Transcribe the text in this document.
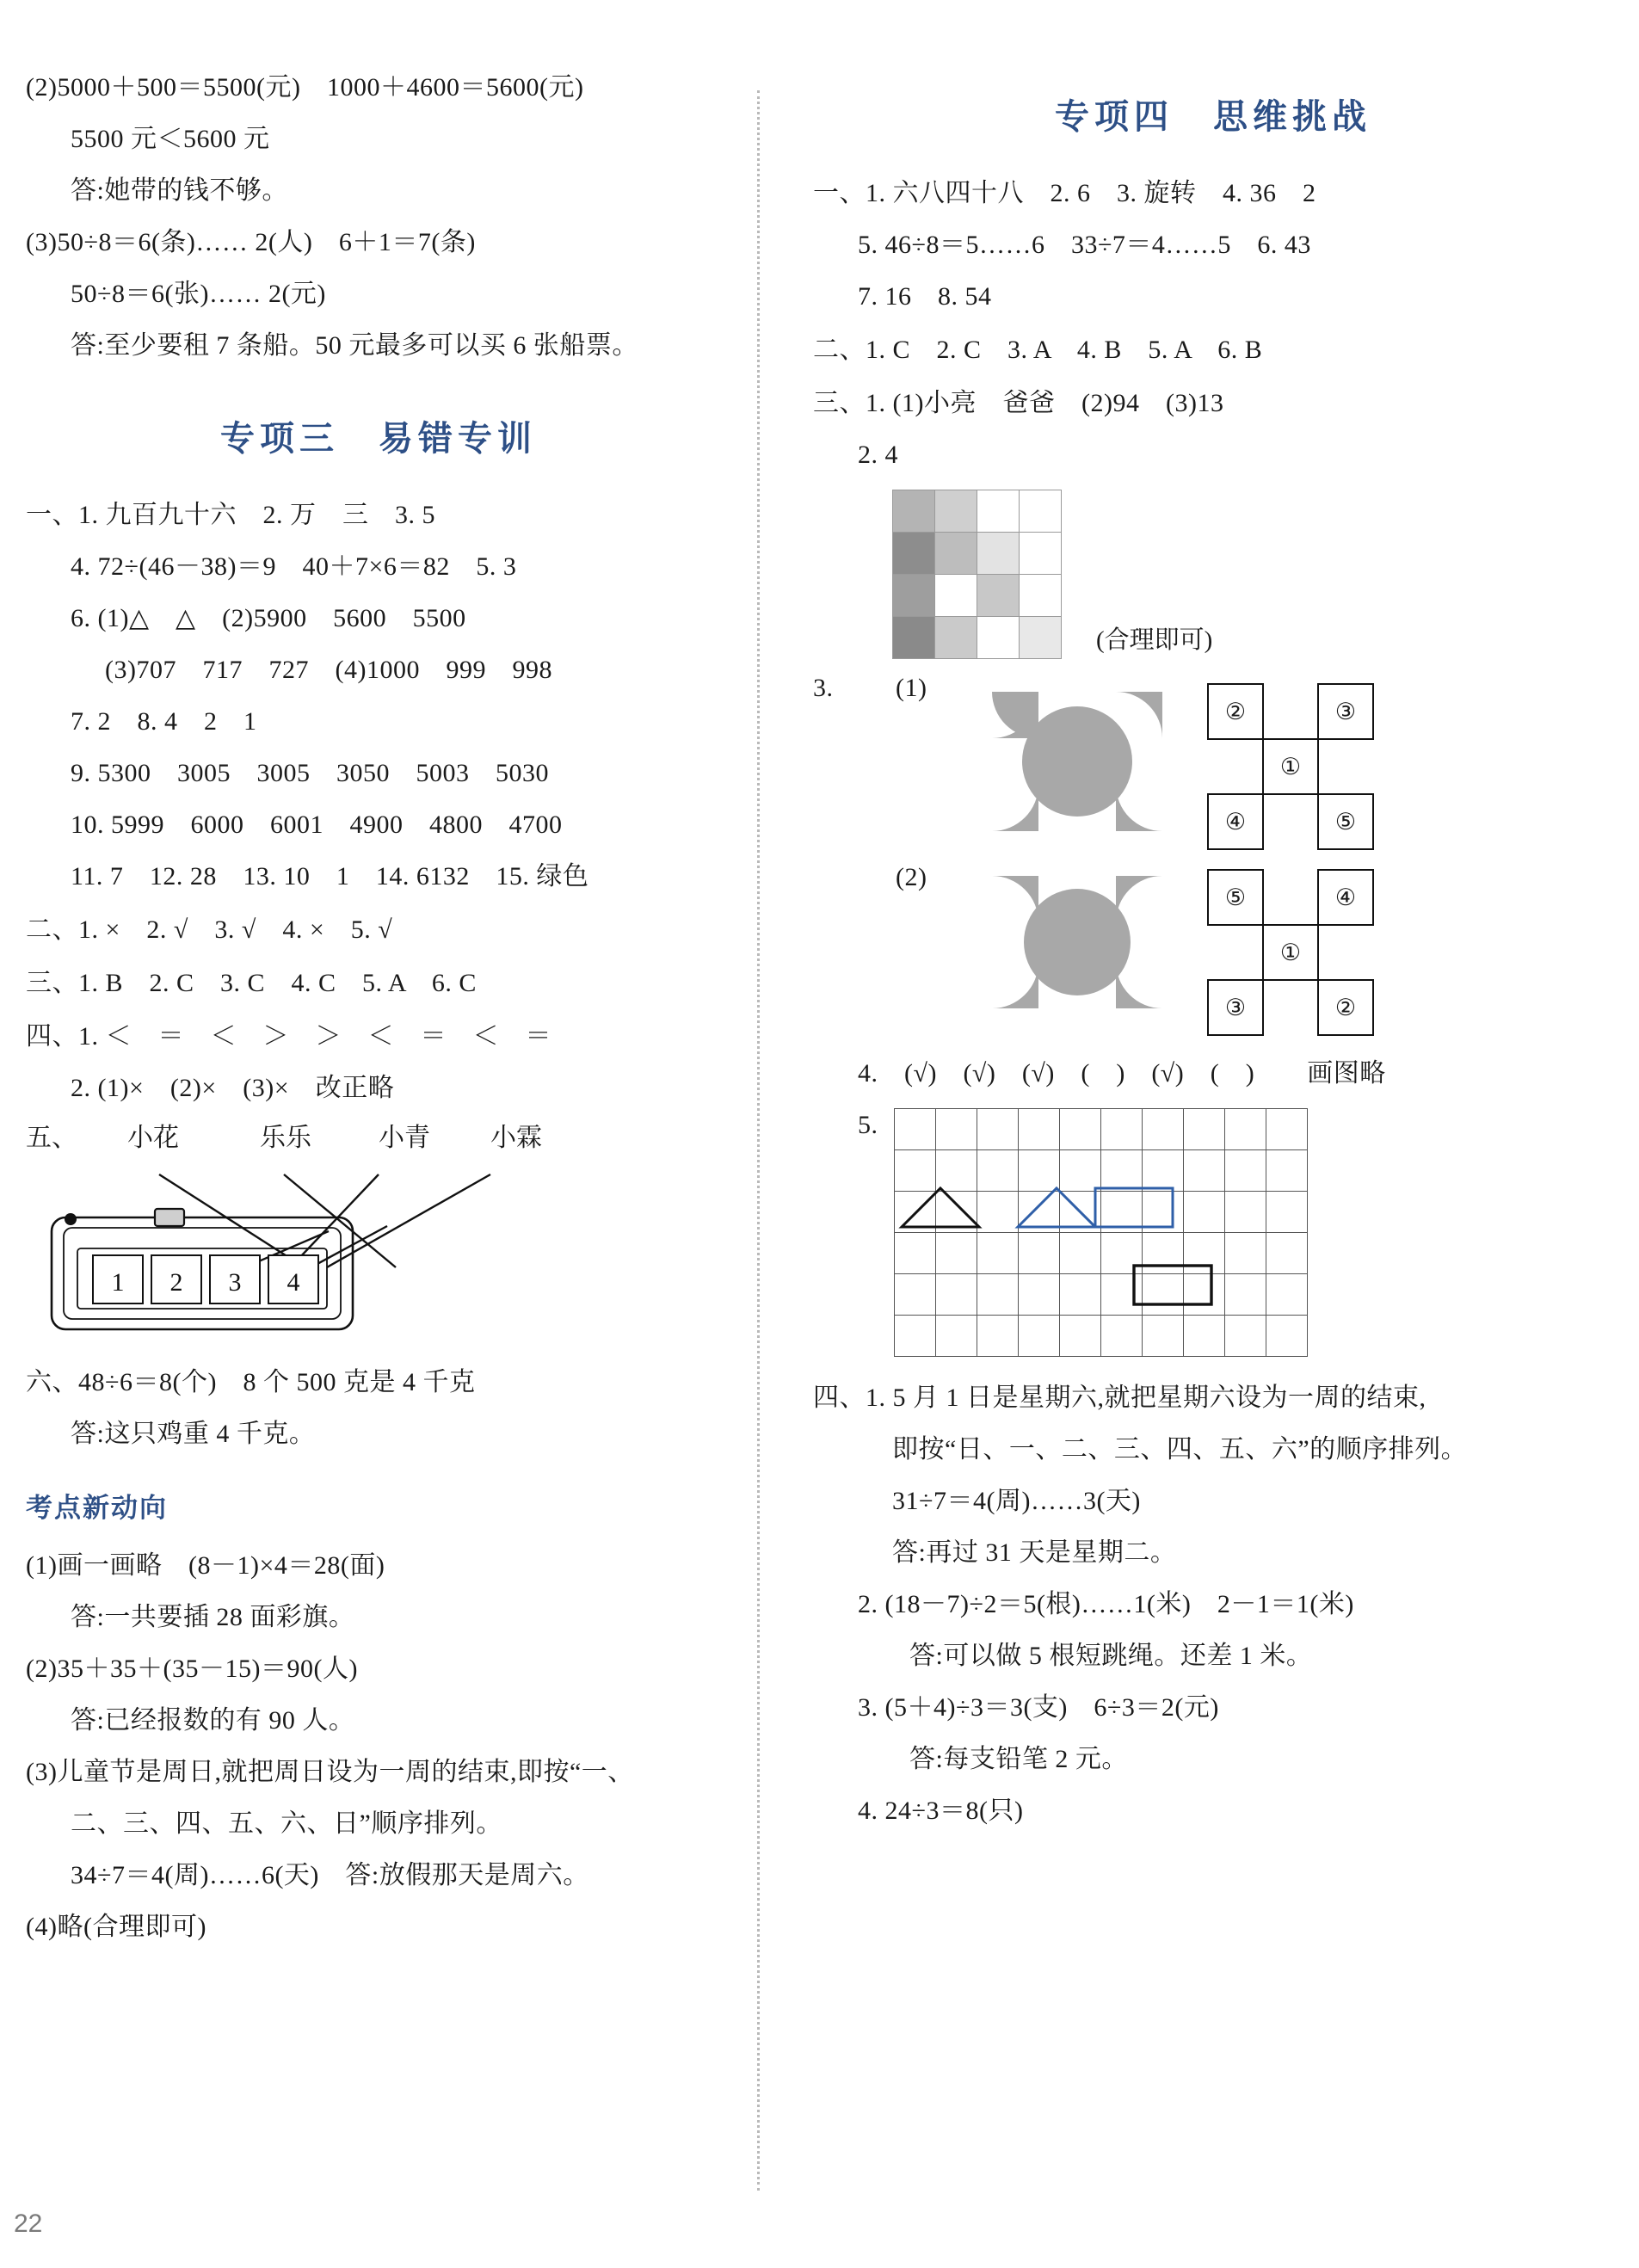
(2)5000＋500＝5500(元)　1000＋4600＝5600(元)
5500 元＜5600 元
答:她带的钱不够。
(3)50÷8＝6(条)…… 2(人)　6＋1＝7(条)
50÷8＝6(张)…… 2(元)
答:至少要租 7 条船。50 元最多可以买 6 张船票。
专项三　易错专训
一、1. 九百九十六　2. 万　三　3. 5
4. 72÷(46－38)＝9　40＋7×6＝82　5. 3
6. (1)△　△　(2)5900　5600　5500
(3)707　717　727　(4)1000　999　998
7. 2　8. 4　2　1
9. 5300　3005　3005　3050　5003　5030
10. 5999　6000　6001　4900　4800　4700
11. 7　12. 28　13. 10　1　14. 6132　15. 绿色
二、1. ×　2. √　3. √　4. ×　5. √
三、1. B　2. C　3. C　4. C　5. A　6. C
四、1. ＜　＝　＜　＞　＞　＜　＝　＜　＝
2. (1)×　(2)×　(3)×　改正略
五、 小花	乐乐	小青 小霖
1 2 3 4
六、48÷6＝8(个)　8 个 500 克是 4 千克
答:这只鸡重 4 千克。
考点新动向
(1)画一画略　(8－1)×4＝28(面)
答:一共要插 28 面彩旗。
(2)35＋35＋(35－15)＝90(人)
答:已经报数的有 90 人。
(3)儿童节是周日,就把周日设为一周的结束,即按“一、
二、三、四、五、六、日”顺序排列。
34÷7＝4(周)……6(天)　答:放假那天是周六。
(4)略(合理即可)
22
专项四　思维挑战
一、1. 六八四十八　2. 6　3. 旋转　4. 36　2
5. 46÷8＝5……6　33÷7＝4……5　6. 43
7. 16　8. 54
二、1. C　2. C　3. A　4. B　5. A　6. B
三、1. (1)小亮　爸爸　(2)94　(3)13
2. 4

(合理即可)
3.	(1)
②		③
	①	
④		⑤

(2)
⑤		④
	①	
③		②
4.　(√)　(√)　(√)　(　)　(√)　(　)　　画图略
5.

四、1. 5 月 1 日是星期六,就把星期六设为一周的结束,
即按“日、一、二、三、四、五、六”的顺序排列。
31÷7＝4(周)……3(天)
答:再过 31 天是星期二。
2. (18－7)÷2＝5(根)……1(米)　2－1＝1(米)
答:可以做 5 根短跳绳。还差 1 米。
3. (5＋4)÷3＝3(支)　6÷3＝2(元)
答:每支铅笔 2 元。
4. 24÷3＝8(只)
